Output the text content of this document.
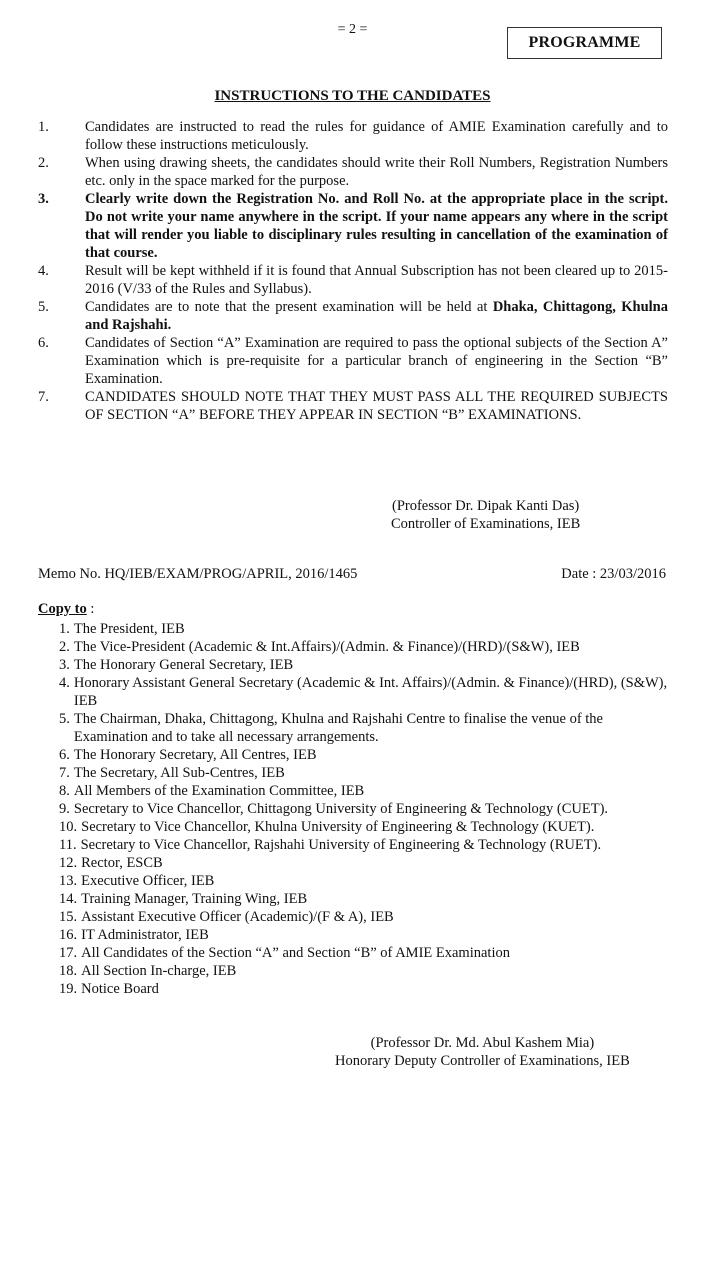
= 2 =
PROGRAMME
INSTRUCTIONS TO THE CANDIDATES
1.	Candidates are instructed to read the rules for guidance of AMIE Examination carefully and to follow these instructions meticulously.
2.	When using drawing sheets, the candidates should write their Roll Numbers, Registration Numbers etc. only in the space marked for the purpose.
3.	Clearly write down the Registration No. and Roll No. at the appropriate place in the script. Do not write your name anywhere in the script. If your name appears any where in the script that will render you liable to disciplinary rules resulting in cancellation of the examination of that course.
4.	Result will be kept withheld if it is found that Annual Subscription has not been cleared up to 2015-2016 (V/33 of the Rules and Syllabus).
5.	Candidates are to note that the present examination will be held at Dhaka, Chittagong, Khulna and Rajshahi.
6.	Candidates of Section “A” Examination are required to pass the optional subjects of the Section A” Examination which is pre-requisite for a particular branch of engineering in the Section “B” Examination.
7.	CANDIDATES SHOULD NOTE THAT THEY MUST PASS ALL THE REQUIRED SUBJECTS OF SECTION “A” BEFORE THEY APPEAR IN SECTION “B” EXAMINATIONS.
(Professor Dr. Dipak Kanti Das)
Controller of Examinations, IEB
Memo No. HQ/IEB/EXAM/PROG/APRIL, 2016/1465	Date : 23/03/2016
Copy to :
1. The President, IEB
2. The Vice-President (Academic & Int.Affairs)/(Admin. & Finance)/(HRD)/(S&W), IEB
3. The Honorary General Secretary, IEB
4. Honorary Assistant General Secretary (Academic & Int. Affairs)/(Admin. & Finance)/(HRD), (S&W), IEB
5. The Chairman, Dhaka, Chittagong, Khulna and Rajshahi Centre to finalise the venue of the Examination and to take all necessary arrangements.
6. The Honorary Secretary, All Centres, IEB
7. The Secretary, All Sub-Centres, IEB
8. All Members of the Examination Committee, IEB
9. Secretary to Vice Chancellor, Chittagong University of Engineering & Technology (CUET).
10. Secretary to Vice Chancellor, Khulna University of Engineering & Technology (KUET).
11. Secretary to Vice Chancellor, Rajshahi University of Engineering & Technology (RUET).
12. Rector, ESCB
13. Executive Officer, IEB
14. Training Manager, Training Wing, IEB
15. Assistant Executive Officer (Academic)/(F & A), IEB
16. IT Administrator, IEB
17. All Candidates of the Section “A” and Section “B” of AMIE Examination
18. All Section In-charge, IEB
19. Notice Board
(Professor Dr. Md. Abul Kashem Mia)
Honorary Deputy Controller of Examinations, IEB
